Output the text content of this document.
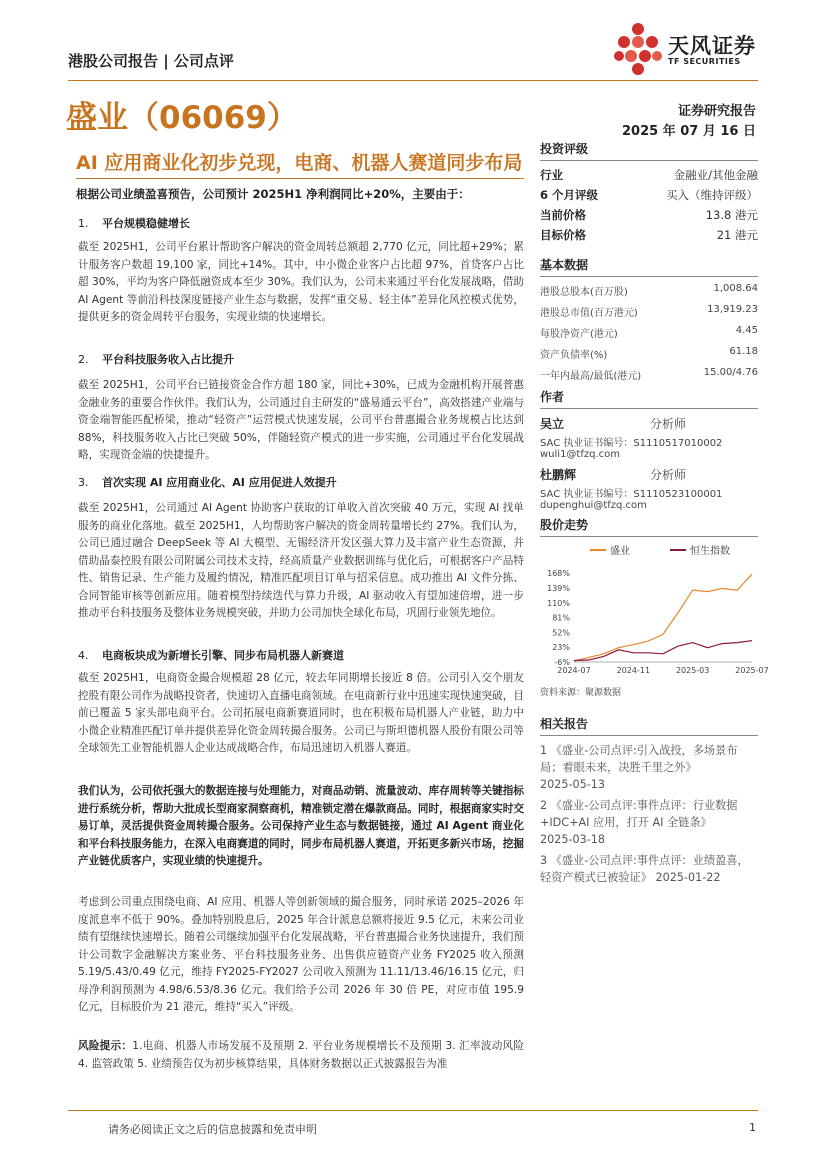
港股公司报告 | 公司点评
天风证券
TF SECURITIES
盛业（06069）	证券研究报告
2025 年 07 月 16 日
AI 应用商业化初步兑现，电商、机器人赛道同步布局
根据公司业绩盈喜预告，公司预计 2025H1 净利润同比+20%，主要由于：
1. 平台规模稳健增长
截至 2025H1，公司平台累计帮助客户解决的资金周转总额超 2,770 亿元，同比超+29%；累计服务客户数超 19,100 家，同比+14%。其中，中小微企业客户占比超 97%，首贷客户占比超 30%，平均为客户降低融资成本至少 30%。我们认为，公司未来通过平台化发展战略，借助 AI Agent 等前沿科技深度链接产业生态与数据，发挥“重交易、轻主体”差异化风控模式优势，提供更多的资金周转平台服务，实现业绩的快速增长。
2. 平台科技服务收入占比提升
截至 2025H1，公司平台已链接资金合作方超 180 家，同比+30%，已成为金融机构开展普惠金融业务的重要合作伙伴。我们认为，公司通过自主研发的“盛易通云平台”，高效搭建产业端与资金端智能匹配桥梁，推动“轻资产”运营模式快速发展，公司平台普惠撮合业务规模占比达到 88%，科技服务收入占比已突破 50%，伴随轻资产模式的进一步实施，公司通过平台化发展战略，实现资金端的快捷提升。
3. 首次实现 AI 应用商业化、AI 应用促进人效提升
截至 2025H1，公司通过 AI Agent 协助客户获取的订单收入首次突破 40 万元，实现 AI 找单服务的商业化落地。截至 2025H1，人均帮助客户解决的资金周转量增长约 27%。我们认为，公司已通过融合 DeepSeek 等 AI 大模型、无锡经济开发区强大算力及丰富产业生态资源，并借助晶泰控股有限公司附属公司技术支持，经高质量产业数据训练与优化后，可根据客户产品特性、销售记录、生产能力及履约情况，精准匹配项目订单与招采信息。成功推出 AI 文件分拣、合同智能审核等创新应用。随着模型持续迭代与算力升级，AI 驱动收入有望加速倍增，进一步推动平台科技服务及整体业务规模突破，并助力公司加快全球化布局，巩固行业领先地位。
4. 电商板块成为新增长引擎、同步布局机器人新赛道
截至 2025H1，电商资金撮合规模超 28 亿元，较去年同期增长接近 8 倍。公司引入交个朋友控股有限公司作为战略投资者，快速切入直播电商领域。在电商新行业中迅速实现快速突破，目前已覆盖 5 家头部电商平台。公司拓展电商新赛道同时，也在积极布局机器人产业链，助力中小微企业精准匹配订单并提供差异化资金周转撮合服务。公司已与斯坦德机器人股份有限公司等全球领先工业智能机器人企业达成战略合作，布局迅速切入机器人赛道。
我们认为，公司依托强大的数据连接与处理能力，对商品动销、流量波动、库存周转等关键指标进行系统分析，帮助大批成长型商家洞察商机，精准锁定潜在爆款商品。同时，根据商家实时交易订单，灵活提供资金周转撮合服务。公司保持产业生态与数据链接，通过 AI Agent 商业化和平台科技服务能力，在深入电商赛道的同时，同步布局机器人赛道，开拓更多新兴市场，挖掘产业链优质客户，实现业绩的快速提升。
考虑到公司重点围绕电商、AI 应用、机器人等创新领域的撮合服务，同时承诺 2025–2026 年度派息率不低于 90%。叠加特别股息后，2025 年合计派息总额将接近 9.5 亿元，未来公司业绩有望继续快速增长。随着公司继续加强平台化发展战略，平台普惠撮合业务快速提升，我们预计公司数字金融解决方案业务、平台科技服务业务、出售供应链资产业务 FY2025 收入预测 5.19/5.43/0.49 亿元，维持 FY2025-FY2027 公司收入预测为 11.11/13.46/16.15 亿元，归母净利润预测为 4.98/6.53/8.36 亿元。我们给予公司 2026 年 30 倍 PE，对应市值 195.9 亿元，目标股价为 21 港元，维持“买入”评级。
风险提示：1.电商、机器人市场发展不及预期 2. 平台业务规模增长不及预期 3. 汇率波动风险 4. 监管政策 5. 业绩预告仅为初步核算结果，具体财务数据以正式披露报告为准
请务必阅读正文之后的信息披露和免责申明	1
投资评级
行业	金融业/其他金融
6 个月评级	买入（维持评级）
当前价格	13.8 港元
目标价格	21 港元
基本数据
港股总股本(百万股)	1,008.64
港股总市值(百万港元)	13,919.23
每股净资产(港元)	4.45
资产负债率(%)	61.18
一年内最高/最低(港元)	15.00/4.76
作者
吴立	分析师
SAC 执业证书编号：S1110517010002
wuli1@tfzq.com
杜鹏辉	分析师
SAC 执业证书编号：S1110523100001
dupenghui@tfzq.com
股价走势
盛业	恒生指数
-6%
23%
52%
81%
110%
139%
168%
2024-07	2024-11	2025-03	2025-07
资料来源：聚源数据
相关报告
1 《盛业-公司点评:引入战投，多场景布局；着眼未来，决胜千里之外》
2025-05-13
2 《盛业-公司点评:事件点评：行业数据+IDC+AI 应用，打开 AI 全链条》
2025-03-18
3 《盛业-公司点评:事件点评：业绩盈喜，轻资产模式已被验证》 2025-01-22
